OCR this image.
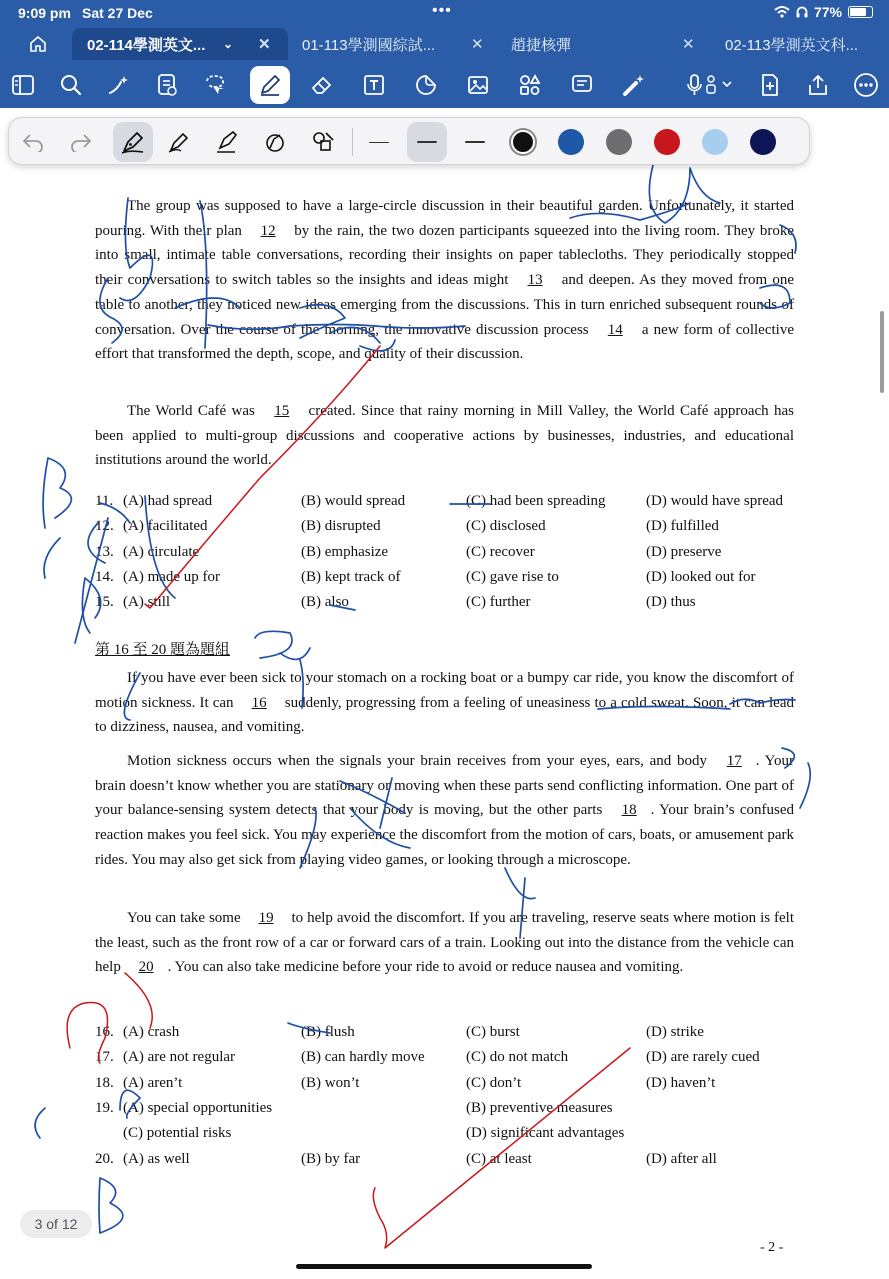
9:09 pm Sat 27 Dec	•••	77%
02-114學測英文...	⌄ ✕ 01-113學測國綜試...	✕ 趙捷核彈	✕ 02-113學測英文科...

The group was supposed to have a large-circle discussion in their beautiful garden. Unfortunately, it started pouring. With their plan 12 by the rain, the two dozen participants squeezed into the living room. They broke into small, intimate table conversations, recording their insights on paper tablecloths. They periodically stopped their conversations to switch tables so the insights and ideas might 13 and deepen. As they moved from one table to another, they noticed new ideas emerging from the discussions. This in turn enriched subsequent rounds of conversation. Over the course of the morning, the innovative discussion process 14 a new form of collective effort that transformed the depth, scope, and quality of their discussion.

The World Café was 15 created. Since that rainy morning in Mill Valley, the World Café approach has been applied to multi-group discussions and cooperative actions by businesses, industries, and educational institutions around the world.

11. (A) had spread	(B) would spread	(C) had been spreading	(D) would have spread
12. (A) facilitated	(B) disrupted	(C) disclosed	(D) fulfilled
13. (A) circulate	(B) emphasize	(C) recover	(D) preserve
14. (A) made up for	(B) kept track of	(C) gave rise to	(D) looked out for
15. (A) still	(B) also	(C) further	(D) thus
第 16 至 20 題為題組

If you have ever been sick to your stomach on a rocking boat or a bumpy car ride, you know the discomfort of motion sickness. It can 16 suddenly, progressing from a feeling of uneasiness to a cold sweat. Soon, it can lead to dizziness, nausea, and vomiting.

Motion sickness occurs when the signals your brain receives from your eyes, ears, and body 17 . Your brain doesn’t know whether you are stationary or moving when these parts send conflicting information. One part of your balance-sensing system detects that your body is moving, but the other parts 18 . Your brain’s confused reaction makes you feel sick. You may experience the discomfort from the motion of cars, boats, or amusement park rides. You may also get sick from playing video games, or looking through a microscope.

You can take some 19 to help avoid the discomfort. If you are traveling, reserve seats where motion is felt the least, such as the front row of a car or forward cars of a train. Looking out into the distance from the vehicle can help 20 . You can also take medicine before your ride to avoid or reduce nausea and vomiting.

16. (A) crash	(B) flush	(C) burst	(D) strike
17. (A) are not regular	(B) can hardly move	(C) do not match	(D) are rarely cued
18. (A) aren’t	(B) won’t	(C) don’t	(D) haven’t
19. (A) special opportunities	(B) preventive measures
(C) potential risks	(D) significant advantages
20. (A) as well	(B) by far	(C) at least	(D) after all
- 2 -
3 of 12
